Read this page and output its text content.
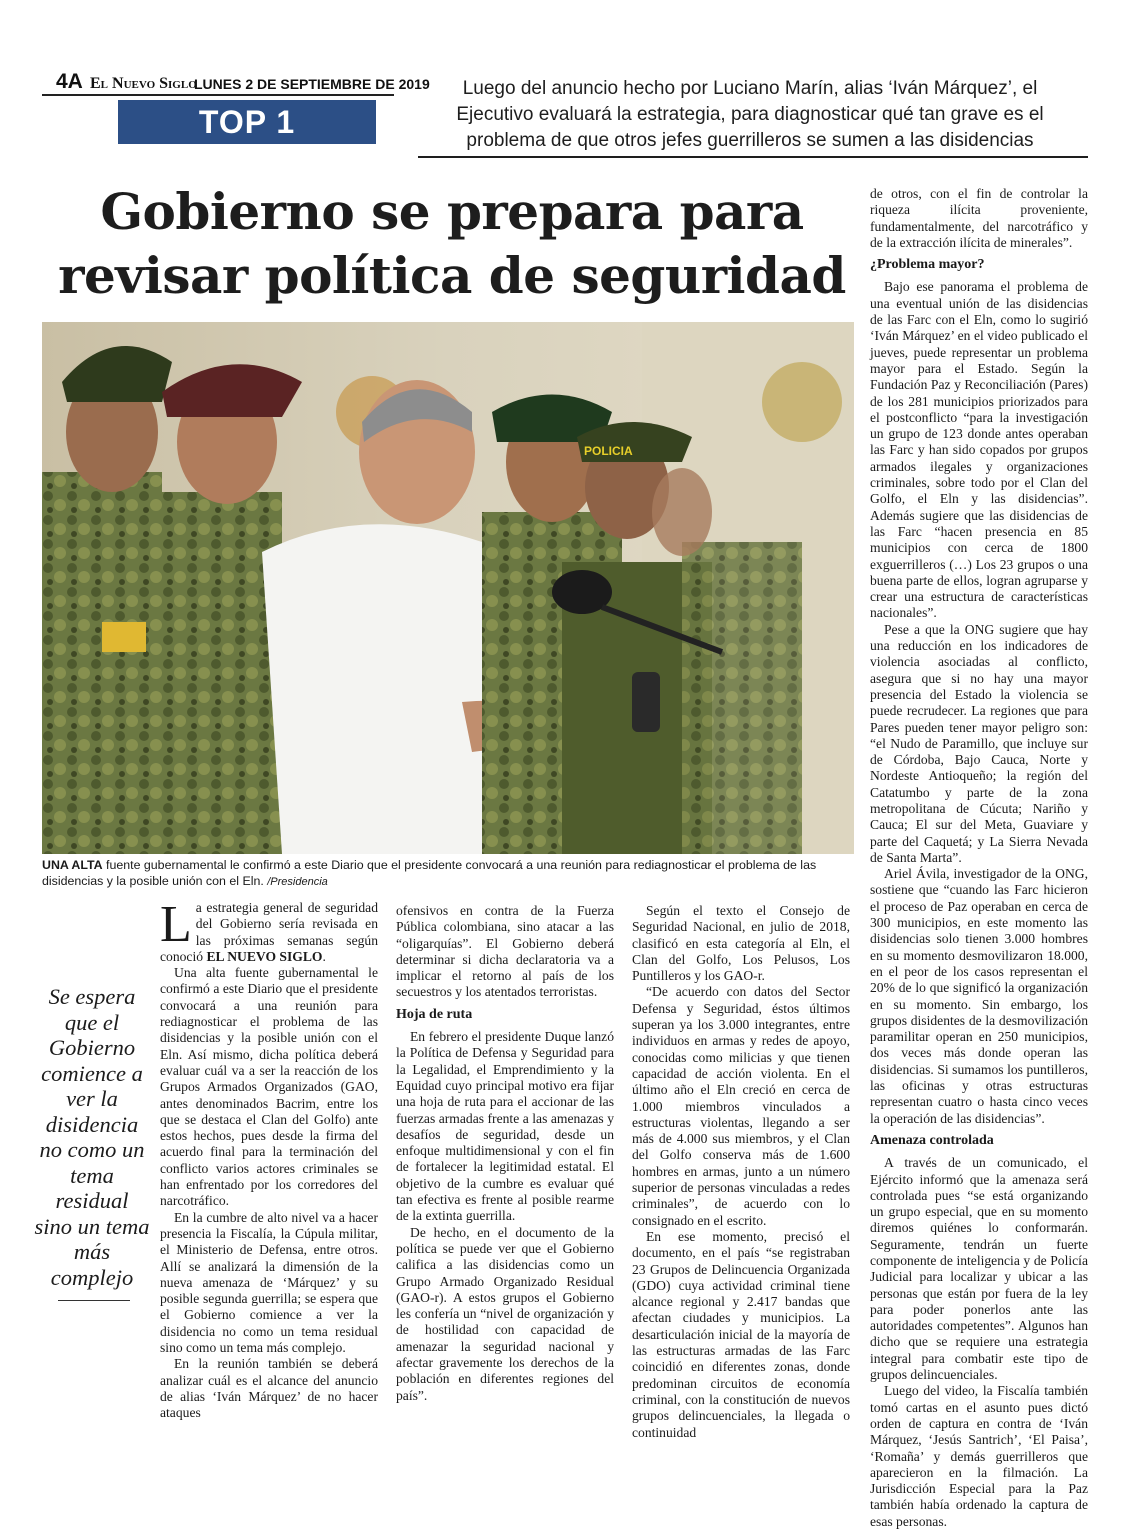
4A El Nuevo Siglo
LUNES 2 DE SEPTIEMBRE DE 2019
TOP 1
Luego del anuncio hecho por Luciano Marín, alias ‘Iván Márquez’, el Ejecutivo evaluará la estrategia, para diagnosticar qué tan grave es el problema de que otros jefes guerrilleros se sumen a las disidencias
Gobierno se prepara para revisar política de seguridad
POLICIA
UNA ALTA fuente gubernamental le confirmó a este Diario que el presidente convocará a una reunión para rediagnosticar el problema de las disidencias y la posible unión con el Eln. /Presidencia
Se espera que el Gobierno comience a ver la disidencia no como un tema residual sino un tema más complejo

La estrategia general de seguridad del Gobierno sería revisada en las próximas semanas según conoció EL NUEVO SIGLO.

Una alta fuente gubernamental le confirmó a este Diario que el presidente convocará a una reunión para rediagnosticar el problema de las disidencias y la posible unión con el Eln. Así mismo, dicha política deberá evaluar cuál va a ser la reacción de los Grupos Armados Organizados (GAO, antes denominados Bacrim, entre los que se destaca el Clan del Golfo) ante estos hechos, pues desde la firma del acuerdo final para la terminación del conflicto varios actores criminales se han enfrentado por los corredores del narcotráfico.

En la cumbre de alto nivel va a hacer presencia la Fiscalía, la Cúpula militar, el Ministerio de Defensa, entre otros. Allí se analizará la dimensión de la nueva amenaza de ‘Márquez’ y su posible segunda guerrilla; se espera que el Gobierno comience a ver la disidencia no como un tema residual sino como un tema más complejo.

En la reunión también se deberá analizar cuál es el alcance del anuncio de alias ‘Iván Márquez’ de no hacer ataques

ofensivos en contra de la Fuerza Pública colombiana, sino atacar a las “oligarquías”. El Gobierno deberá determinar si dicha declaratoria va a implicar el retorno al país de los secuestros y los atentados terroristas.

Hoja de ruta

En febrero el presidente Duque lanzó la Política de Defensa y Seguridad para la Legalidad, el Emprendimiento y la Equidad cuyo principal motivo era fijar una hoja de ruta para el accionar de las fuerzas armadas frente a las amenazas y desafíos de seguridad, desde un enfoque multidimensional y con el fin de fortalecer la legitimidad estatal. El objetivo de la cumbre es evaluar qué tan efectiva es frente al posible rearme de la extinta guerrilla.

De hecho, en el documento de la política se puede ver que el Gobierno califica a las disidencias como un Grupo Armado Organizado Residual (GAO-r). A estos grupos el Gobierno les confería un “nivel de organización y de hostilidad con capacidad de amenazar la seguridad nacional y afectar gravemente los derechos de la población en diferentes regiones del país”.

Según el texto el Consejo de Seguridad Nacional, en julio de 2018, clasificó en esta categoría al Eln, el Clan del Golfo, Los Pelusos, Los Puntilleros y los GAO-r.

“De acuerdo con datos del Sector Defensa y Seguridad, éstos últimos superan ya los 3.000 integrantes, entre individuos en armas y redes de apoyo, conocidas como milicias y que tienen capacidad de acción violenta. En el último año el Eln creció en cerca de 1.000 miembros vinculados a estructuras violentas, llegando a ser más de 4.000 sus miembros, y el Clan del Golfo conserva más de 1.600 hombres en armas, junto a un número superior de personas vinculadas a redes criminales”, de acuerdo con lo consignado en el escrito.

En ese momento, precisó el documento, en el país “se registraban 23 Grupos de Delincuencia Organizada (GDO) cuya actividad criminal tiene alcance regional y 2.417 bandas que afectan ciudades y municipios. La desarticulación inicial de la mayoría de las estructuras armadas de las Farc coincidió en diferentes zonas, donde predominan circuitos de economía criminal, con la constitución de nuevos grupos delincuenciales, la llegada o continuidad

de otros, con el fin de controlar la riqueza ilícita proveniente, fundamentalmente, del narcotráfico y de la extracción ilícita de minerales”.

¿Problema mayor?

Bajo ese panorama el problema de una eventual unión de las disidencias de las Farc con el Eln, como lo sugirió ‘Iván Márquez’ en el video publicado el jueves, puede representar un problema mayor para el Estado. Según la Fundación Paz y Reconciliación (Pares) de los 281 municipios priorizados para el postconflicto “para la investigación un grupo de 123 donde antes operaban las Farc y han sido copados por grupos armados ilegales y organizaciones criminales, sobre todo por el Clan del Golfo, el Eln y las disidencias”. Además sugiere que las disidencias de las Farc “hacen presencia en 85 municipios con cerca de 1800 exguerrilleros (…) Los 23 grupos o una buena parte de ellos, logran agruparse y crear una estructura de características nacionales”.

Pese a que la ONG sugiere que hay una reducción en los indicadores de violencia asociadas al conflicto, asegura que si no hay una mayor presencia del Estado la violencia se puede recrudecer. La regiones que para Pares pueden tener mayor peligro son: “el Nudo de Paramillo, que incluye sur de Córdoba, Bajo Cauca, Norte y Nordeste Antioqueño; la región del Catatumbo y parte de la zona metropolitana de Cúcuta; Nariño y Cauca; El sur del Meta, Guaviare y parte del Caquetá; y La Sierra Nevada de Santa Marta”.

Ariel Ávila, investigador de la ONG, sostiene que “cuando las Farc hicieron el proceso de Paz operaban en cerca de 300 municipios, en este momento las disidencias solo tienen 3.000 hombres en su momento desmovilizaron 18.000, en el peor de los casos representan el 20% de lo que significó la organización en su momento. Sin embargo, los grupos disidentes de la desmovilización paramilitar operan en 250 municipios, dos veces más donde operan las disidencias. Si sumamos los puntilleros, las oficinas y otras estructuras representan cuatro o hasta cinco veces la operación de las disidencias”.

Amenaza controlada

A través de un comunicado, el Ejército informó que la amenaza será controlada pues “se está organizando un grupo especial, que en su momento diremos quiénes lo conformarán. Seguramente, tendrán un fuerte componente de inteligencia y de Policía Judicial para localizar y ubicar a las personas que están por fuera de la ley para poder ponerlos ante las autoridades competentes”. Algunos han dicho que se requiere una estrategia integral para combatir este tipo de grupos delincuenciales.

Luego del video, la Fiscalía también tomó cartas en el asunto pues dictó orden de captura en contra de ‘Iván Márquez, ‘Jesús Santrich’, ‘El Paisa’, ‘Romaña’ y demás guerrilleros que aparecieron en la filmación. La Jurisdicción Especial para la Paz también había ordenado la captura de esas personas.
